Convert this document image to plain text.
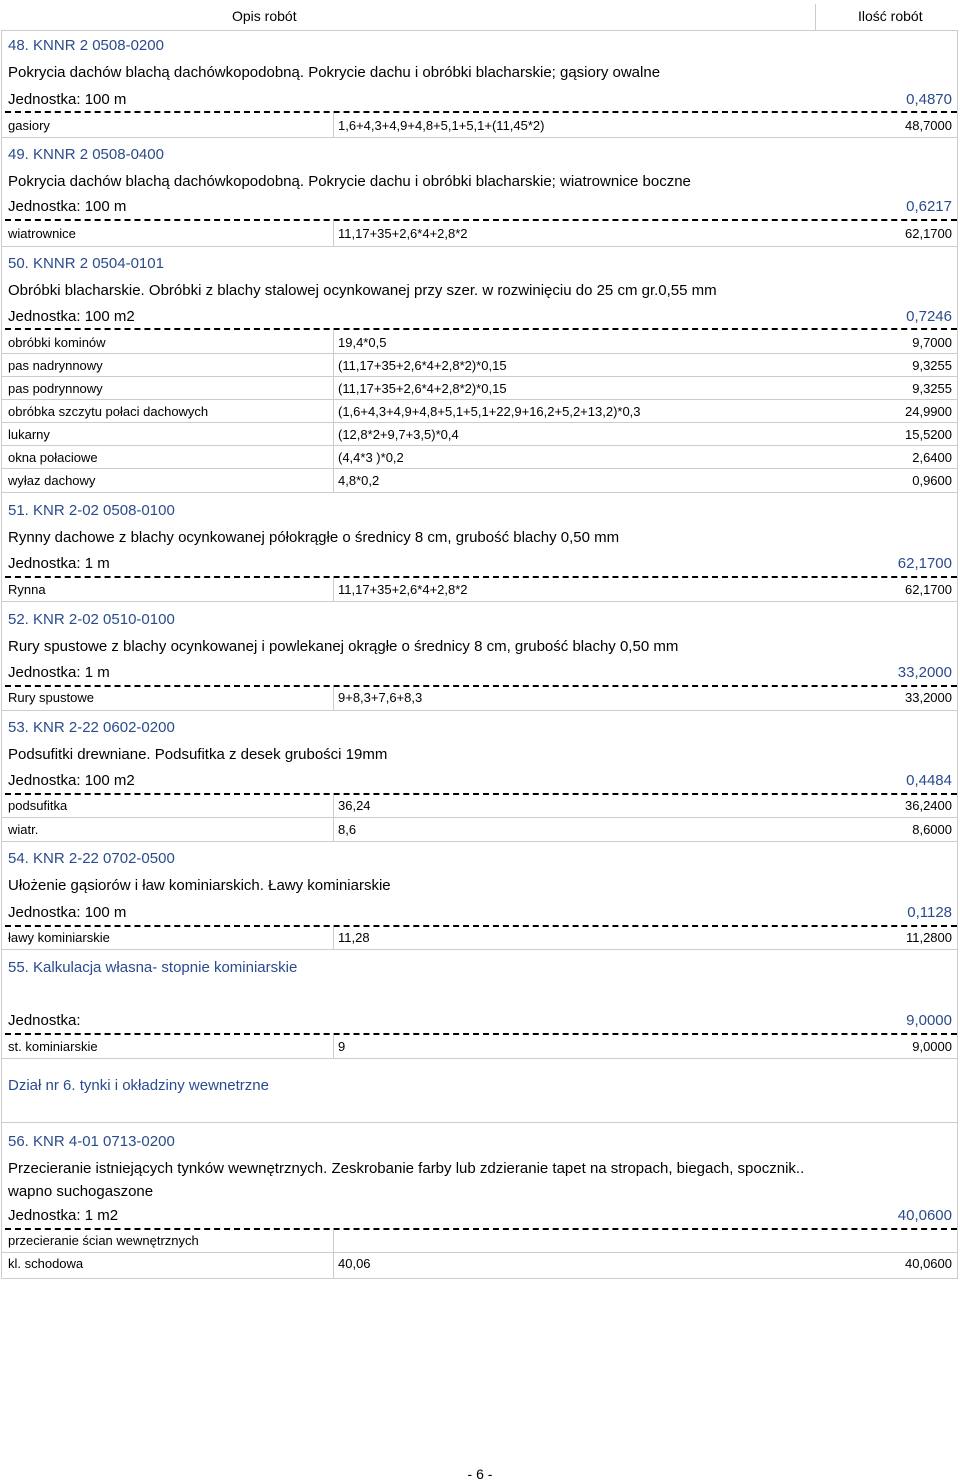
Opis robót	Ilość robót
48. KNNR 2 0508-0200
Pokrycia dachów blachą dachówkopodobną. Pokrycie dachu i obróbki blacharskie; gąsiory owalne
Jednostka: 100 m	0,4870
gasiory	1,6+4,3+4,9+4,8+5,1+5,1+(11,45*2)	48,7000
49. KNNR 2 0508-0400
Pokrycia dachów blachą dachówkopodobną. Pokrycie dachu i obróbki blacharskie; wiatrownice boczne
Jednostka: 100 m	0,6217
wiatrownice	11,17+35+2,6*4+2,8*2	62,1700
50. KNNR 2 0504-0101
Obróbki blacharskie. Obróbki z blachy stalowej ocynkowanej przy szer. w rozwinięciu do 25 cm gr.0,55 mm
Jednostka: 100 m2	0,7246
obróbki kominów	19,4*0,5	9,7000
pas nadrynnowy	(11,17+35+2,6*4+2,8*2)*0,15	9,3255
pas podrynnowy	(11,17+35+2,6*4+2,8*2)*0,15	9,3255
obróbka szczytu połaci dachowych	(1,6+4,3+4,9+4,8+5,1+5,1+22,9+16,2+5,2+13,2)*0,3	24,9900
lukarny	(12,8*2+9,7+3,5)*0,4	15,5200
okna połaciowe	(4,4*3 )*0,2	2,6400
wyłaz dachowy	4,8*0,2	0,9600
51. KNR 2-02 0508-0100
Rynny dachowe z blachy ocynkowanej półokrągłe o średnicy 8 cm, grubość blachy 0,50 mm
Jednostka: 1 m	62,1700
Rynna	11,17+35+2,6*4+2,8*2	62,1700
52. KNR 2-02 0510-0100
Rury spustowe z blachy ocynkowanej i powlekanej okrągłe o średnicy 8 cm, grubość blachy 0,50 mm
Jednostka: 1 m	33,2000
Rury spustowe	9+8,3+7,6+8,3	33,2000
53. KNR 2-22 0602-0200
Podsufitki drewniane. Podsufitka z desek grubości 19mm
Jednostka: 100 m2	0,4484
podsufitka	36,24	36,2400
wiatr.	8,6	8,6000
54. KNR 2-22 0702-0500
Ułożenie gąsiorów i ław kominiarskich. Ławy kominiarskie
Jednostka: 100 m	0,1128
ławy kominiarskie	11,28	11,2800
55. Kalkulacja własna- stopnie kominiarskie
Jednostka:	9,0000
st. kominiarskie	9	9,0000
Dział nr 6. tynki i okładziny wewnetrzne
56. KNR 4-01 0713-0200
Przecieranie istniejących tynków wewnętrznych. Zeskrobanie farby lub zdzieranie tapet na stropach, biegach, spocznik..
wapno suchogaszone
Jednostka: 1 m2	40,0600
przecieranie ścian wewnętrznych
kl. schodowa	40,06	40,0600
- 6 -
